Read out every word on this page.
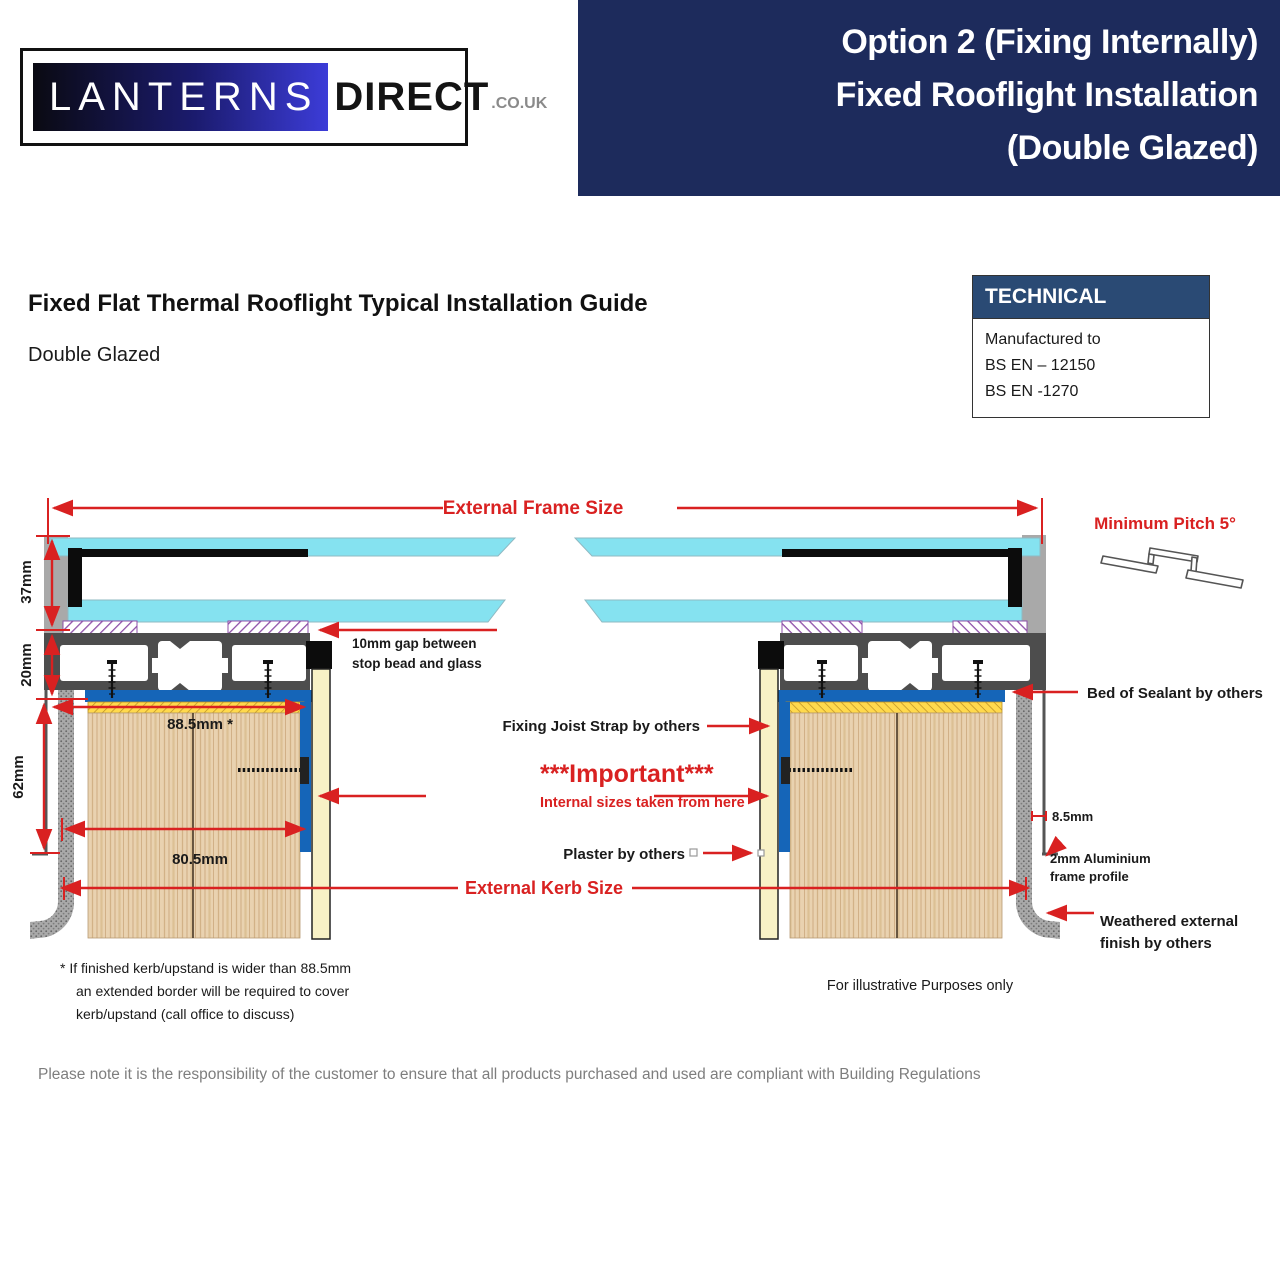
External Frame Size
Minimum Pitch 5°
37mm
20mm
62mm
88.5mm *
80.5mm
10mm gap between
stop bead and glass
Bed of Sealant by others
Fixing Joist Strap by others
***Important***
Internal sizes taken from here
Plaster by others
External Kerb Size
8.5mm
2mm Aluminium
frame profile
Weathered external
finish by others
Option 2 (Fixing Internally)
Fixed Rooflight Installation
(Double Glazed)
LANTERNS DIRECT .CO.UK
Fixed Flat Thermal Rooflight Typical Installation Guide
Double Glazed
TECHNICAL
Manufactured to
BS EN – 12150
BS EN -1270
* If finished kerb/upstand is wider than 88.5mm
an extended border will be required to cover
kerb/upstand (call office to discuss)
For illustrative Purposes only
Please note it is the responsibility of the customer to ensure that all products purchased and used are compliant with Building Regulations
